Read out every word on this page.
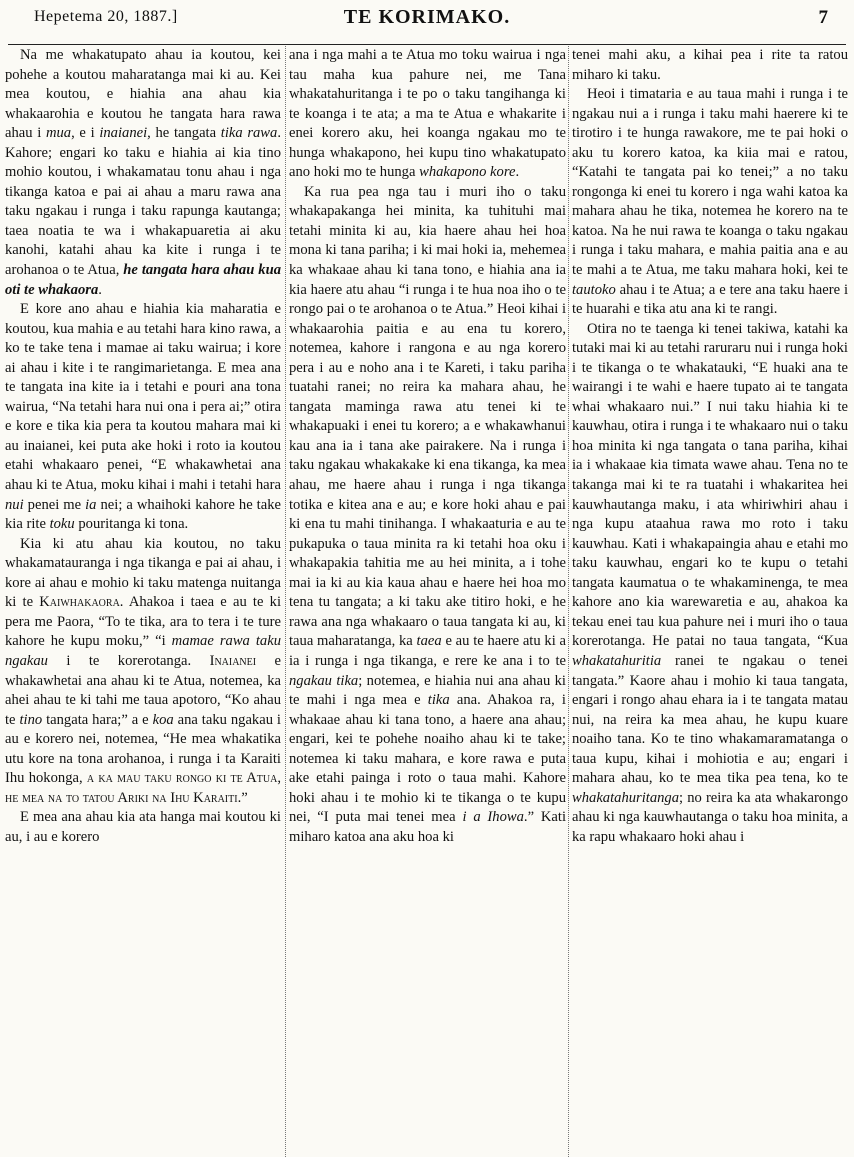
Hepetema 20, 1887.]	TE KORIMAKO.	7

Na me whakatupato ahau ia koutou, kei pohehe a koutou maharatanga mai ki au. Kei mea koutou, e hiahia ana ahau kia whakaarohia e koutou he tangata hara rawa ahau i mua, e i inaianei, he tangata tika rawa. Kahore; engari ko taku e hiahia ai kia tino mohio koutou, i whakamatau tonu ahau i nga tikanga katoa e pai ai ahau a maru rawa ana taku ngakau i runga i taku rapunga kautanga; taea noatia te wa i whakapuaretia ai aku kanohi, katahi ahau ka kite i runga i te arohanoa o te Atua, he tangata hara ahau kua oti te whakaora.

E kore ano ahau e hiahia kia maharatia e koutou, kua mahia e au tetahi hara kino rawa, a ko te take tena i mamae ai taku wairua; i kore ai ahau i kite i te rangimarietanga. E mea ana te tangata ina kite ia i tetahi e pouri ana tona wairua, “Na tetahi hara nui ona i pera ai;” otira e kore e tika kia pera ta koutou mahara mai ki au inaianei, kei puta ake hoki i roto ia koutou etahi whakaaro penei, “E whakawhetai ana ahau ki te Atua, moku kihai i mahi i tetahi hara nui penei me ia nei; a whaihoki kahore he take kia rite toku pouritanga ki tona.

Kia ki atu ahau kia koutou, no taku whakamatauranga i nga tikanga e pai ai ahau, i kore ai ahau e mohio ki taku matenga nuitanga ki te Kaiwhakaora. Ahakoa i taea e au te ki pera me Paora, “To te tika, ara to tera i te ture kahore he kupu moku,” “i mamae rawa taku ngakau i te korerotanga. Inaianei e whakawhetai ana ahau ki te Atua, notemea, ka ahei ahau te ki tahi me taua apotoro, “Ko ahau te tino tangata hara;” a e koa ana taku ngakau i au e korero nei, notemea, “He mea whakatika utu kore na tona arohanoa, i runga i ta Karaiti Ihu hokonga, a ka mau taku rongo ki te Atua, he mea na to tatou Ariki na Ihu Karaiti.”

E mea ana ahau kia ata hanga mai koutou ki au, i au e korero

ana i nga mahi a te Atua mo toku wairua i nga tau maha kua pahure nei, me Tana whakatahuritanga i te po o taku tangihanga ki te koanga i te ata; a ma te Atua e whakarite i enei korero aku, hei koanga ngakau mo te hunga whakapono, hei kupu tino whakatupato ano hoki mo te hunga whakapono kore.

Ka rua pea nga tau i muri iho o taku whakapakanga hei minita, ka tuhituhi mai tetahi minita ki au, kia haere ahau hei hoa mona ki tana pariha; i ki mai hoki ia, mehemea ka whakaae ahau ki tana tono, e hiahia ana ia kia haere atu ahau “i runga i te hua noa iho o te rongo pai o te arohanoa o te Atua.” Heoi kihai i whakaarohia paitia e au ena tu korero, notemea, kahore i rangona e au nga korero pera i au e noho ana i te Kareti, i taku pariha tuatahi ranei; no reira ka mahara ahau, he tangata maminga rawa atu tenei ki te whakapuaki i enei tu korero; a e whakawhanui kau ana ia i tana ake pairakere. Na i runga i taku ngakau whakakake ki ena tikanga, ka mea ahau, me haere ahau i runga i nga tikanga totika e kitea ana e au; e kore hoki ahau e pai ki ena tu mahi tinihanga. I whakaaturia e au te pukapuka o taua minita ra ki tetahi hoa oku i whakapakia tahitia me au hei minita, a i tohe mai ia ki au kia kaua ahau e haere hei hoa mo tena tu tangata; a ki taku ake titiro hoki, e he rawa ana nga whakaaro o taua tangata ki au, ki taua maharatanga, ka taea e au te haere atu ki a ia i runga i nga tikanga, e rere ke ana i to te ngakau tika; notemea, e hiahia nui ana ahau ki te mahi i nga mea e tika ana. Ahakoa ra, i whakaae ahau ki tana tono, a haere ana ahau; engari, kei te pohehe noaiho ahau ki te take; notemea ki taku mahara, e kore rawa e puta ake etahi painga i roto o taua mahi. Kahore hoki ahau i te mohio ki te tikanga o te kupu nei, “I puta mai tenei mea i a Ihowa.” Kati miharo katoa ana aku hoa ki

tenei mahi aku, a kihai pea i rite ta ratou miharo ki taku.

Heoi i timataria e au taua mahi i runga i te ngakau nui a i runga i taku mahi haerere ki te tirotiro i te hunga rawakore, me te pai hoki o aku tu korero katoa, ka kiia mai e ratou, “Katahi te tangata pai ko tenei;” a no taku rongonga ki enei tu korero i nga wahi katoa ka mahara ahau he tika, notemea he korero na te katoa. Na he nui rawa te koanga o taku ngakau i runga i taku mahara, e mahia paitia ana e au te mahi a te Atua, me taku mahara hoki, kei te tautoko ahau i te Atua; a e tere ana taku haere i te huarahi e tika atu ana ki te rangi.

Otira no te taenga ki tenei takiwa, katahi ka tutaki mai ki au tetahi raruraru nui i runga hoki i te tikanga o te whakatauki, “E huaki ana te wairangi i te wahi e haere tupato ai te tangata whai whakaaro nui.” I nui taku hiahia ki te kauwhau, otira i runga i te whakaaro nui o taku hoa minita ki nga tangata o tana pariha, kihai ia i whakaae kia timata wawe ahau. Tena no te takanga mai ki te ra tuatahi i whakaritea hei kauwhautanga maku, i ata whiriwhiri ahau i nga kupu ataahua rawa mo roto i taku kauwhau. Kati i whakapaingia ahau e etahi mo taku kauwhau, engari ko te kupu o tetahi tangata kaumatua o te whakaminenga, te mea kahore ano kia warewaretia e au, ahakoa ka tekau enei tau kua pahure nei i muri iho o taua korerotanga. He patai no taua tangata, “Kua whakatahuritia ranei te ngakau o tenei tangata.” Kaore ahau i mohio ki taua tangata, engari i rongo ahau ehara ia i te tangata matau nui, na reira ka mea ahau, he kupu kuare noaiho tana. Ko te tino whakamaramatanga o taua kupu, kihai i mohiotia e au; engari i mahara ahau, ko te mea tika pea tena, ko te whakatahuritanga; no reira ka ata whakarongo ahau ki nga kauwhautanga o taku hoa minita, a ka rapu whakaaro hoki ahau i
